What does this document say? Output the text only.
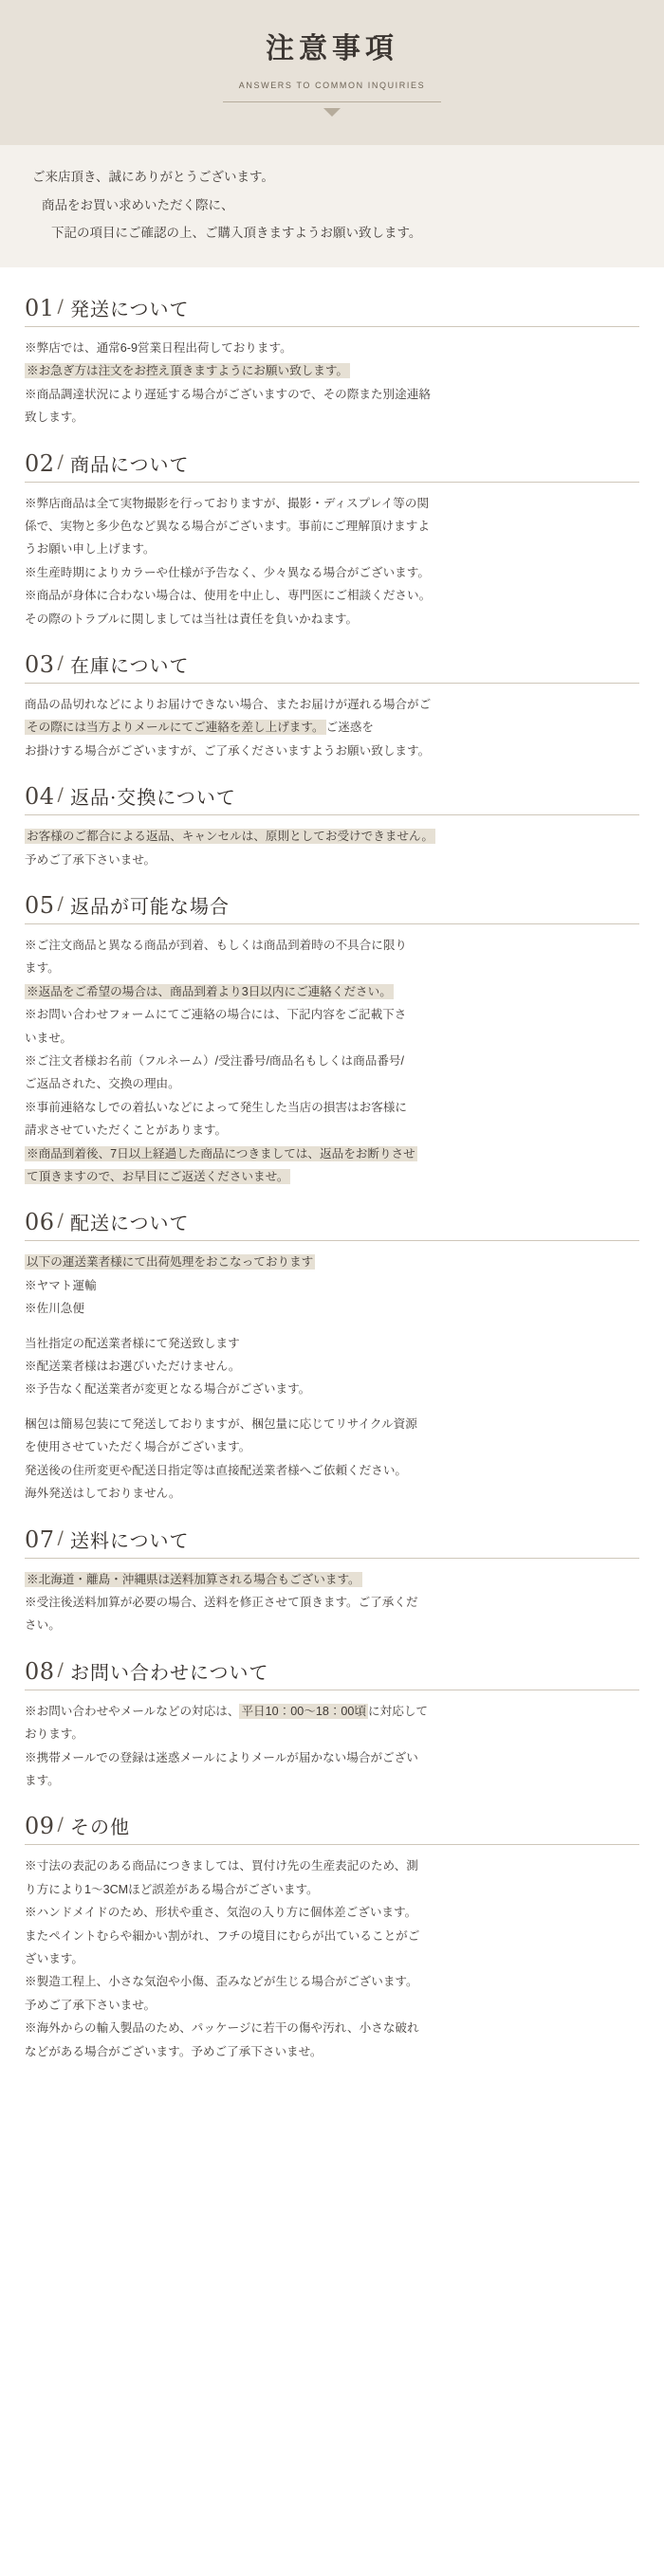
注意事項
ANSWERS TO COMMON INQUIRIES

ご来店頂き、誠にありがとうございます。

商品をお買い求めいただく際に、

下記の項目にご確認の上、ご購入頂きますようお願い致します。

01 / 発送について

※弊店では、通常6-9営業日程出荷しております。

※お急ぎ方は注文をお控え頂きますようにお願い致します。

※商品調達状況により遅延する場合がございますので、その際また別途連絡

致します。

02 / 商品について

※弊店商品は全て実物撮影を行っておりますが、撮影・ディスプレイ等の関

係で、実物と多少色など異なる場合がございます。事前にご理解頂けますよ

うお願い申し上げます。

※生産時期によりカラーや仕様が予告なく、少々異なる場合がございます。

※商品が身体に合わない場合は、使用を中止し、専門医にご相談ください。

その際のトラブルに関しましては当社は責任を負いかねます。

03 / 在庫について

商品の品切れなどによりお届けできない場合、またお届けが遅れる場合がご

その際には当方よりメールにてご連絡を差し上げます。 ご迷惑を

お掛けする場合がございますが、ご了承くださいますようお願い致します。

04 / 返品·交換について

お客様のご都合による返品、キャンセルは、原則としてお受けできません。

予めご了承下さいませ。

05 / 返品が可能な場合

※ご注文商品と異なる商品が到着、もしくは商品到着時の不具合に限り

ます。

※返品をご希望の場合は、商品到着より3日以内にご連絡ください。

※お問い合わせフォームにてご連絡の場合には、下記内容をご記載下さ

いませ。

※ご注文者様お名前（フルネーム）/受注番号/商品名もしくは商品番号/

ご返品された、交換の理由。

※事前連絡なしでの着払いなどによって発生した当店の損害はお客様に

請求させていただくことがあります。

※商品到着後、7日以上経過した商品につきましては、返品をお断りさせ

て頂きますので、お早目にご返送くださいませ。

06 / 配送について

以下の運送業者様にて出荷処理をおこなっております

※ヤマト運輸

※佐川急便

当社指定の配送業者様にて発送致します

※配送業者様はお選びいただけません。

※予告なく配送業者が変更となる場合がございます。

梱包は簡易包装にて発送しておりますが、梱包量に応じてリサイクル資源

を使用させていただく場合がございます。

発送後の住所変更や配送日指定等は直接配送業者様へご依頼ください。

海外発送はしておりません。

07 / 送料について

※北海道・離島・沖縄県は送料加算される場合もございます。

※受注後送料加算が必要の場合、送料を修正させて頂きます。ご了承くだ

さい。

08 / お問い合わせについて

※お問い合わせやメールなどの対応は、 平日10：00～18：00頃 に対応して

おります。

※携帯メールでの登録は迷惑メールによりメールが届かない場合がござい

ます。

09 / その他

※寸法の表記のある商品につきましては、買付け先の生産表記のため、測

り方により1～3CMほど誤差がある場合がございます。

※ハンドメイドのため、形状や重さ、気泡の入り方に個体差ございます。

またペイントむらや細かい割がれ、フチの境目にむらが出ていることがご

ざいます。

※製造工程上、小さな気泡や小傷、歪みなどが生じる場合がございます。

予めご了承下さいませ。

※海外からの輸入製品のため、パッケージに若干の傷や汚れ、小さな破れ

などがある場合がございます。予めご了承下さいませ。
